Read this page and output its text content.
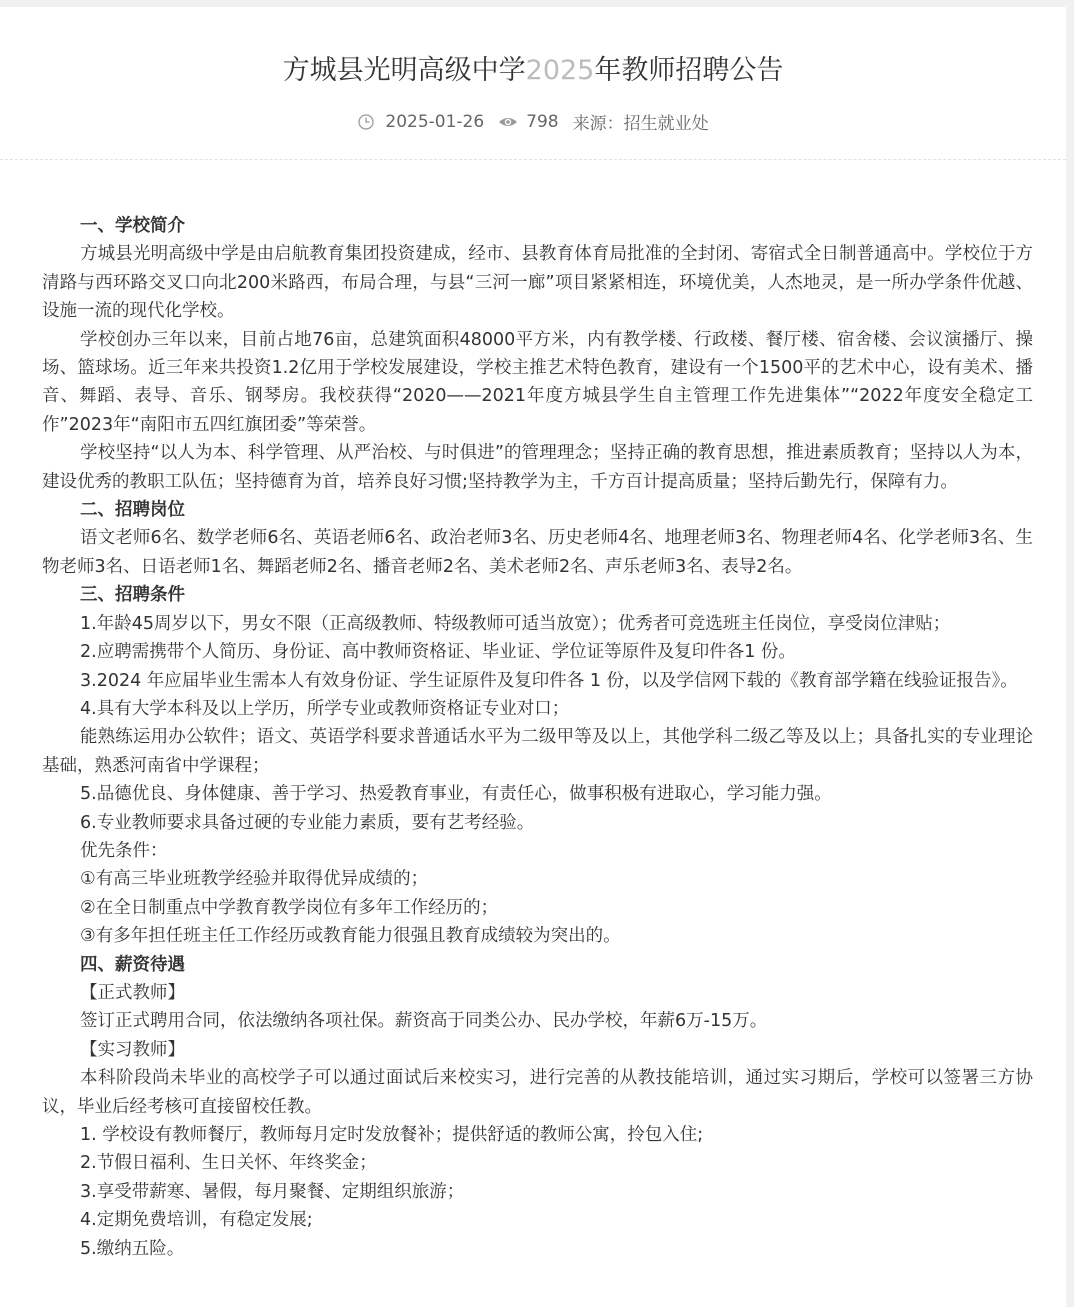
方城县光明高级中学2025年教师招聘公告
2025-01-26 798 来源：招生就业处

一、学校简介

方城县光明高级中学是由启航教育集团投资建成，经市、县教育体育局批准的全封闭、寄宿式全日制普通高中。学校位于方清路与西环路交叉口向北200米路西，布局合理，与县“三河一廊”项目紧紧相连，环境优美，人杰地灵，是一所办学条件优越、设施一流的现代化学校。

学校创办三年以来，目前占地76亩，总建筑面积48000平方米，内有教学楼、行政楼、餐厅楼、宿舍楼、会议演播厅、操场、篮球场。近三年来共投资1.2亿用于学校发展建设，学校主推艺术特色教育，建设有一个1500平的艺术中心，设有美术、播音、舞蹈、表导、音乐、钢琴房。我校获得“2020——2021年度方城县学生自主管理工作先进集体”“2022年度安全稳定工作”2023年“南阳市五四红旗团委”等荣誉。

学校坚持“以人为本、科学管理、从严治校、与时俱进”的管理理念；坚持正确的教育思想，推进素质教育；坚持以人为本，建设优秀的教职工队伍；坚持德育为首，培养良好习惯;坚持教学为主，千方百计提高质量；坚持后勤先行，保障有力。

二、招聘岗位

语文老师6名、数学老师6名、英语老师6名、政治老师3名、历史老师4名、地理老师3名、物理老师4名、化学老师3名、生物老师3名、日语老师1名、舞蹈老师2名、播音老师2名、美术老师2名、声乐老师3名、表导2名。

三、招聘条件

1.年龄45周岁以下，男女不限（正高级教师、特级教师可适当放宽）；优秀者可竞选班主任岗位，享受岗位津贴；

2.应聘需携带个人简历、身份证、高中教师资格证、毕业证、学位证等原件及复印件各1 份。

3.2024 年应届毕业生需本人有效身份证、学生证原件及复印件各 1 份，以及学信网下载的《教育部学籍在线验证报告》。

4.具有大学本科及以上学历，所学专业或教师资格证专业对口；

能熟练运用办公软件；语文、英语学科要求普通话水平为二级甲等及以上，其他学科二级乙等及以上；具备扎实的专业理论基础，熟悉河南省中学课程；

5.品德优良、身体健康、善于学习、热爱教育事业，有责任心，做事积极有进取心，学习能力强。

6.专业教师要求具备过硬的专业能力素质，要有艺考经验。

优先条件：

①有高三毕业班教学经验并取得优异成绩的；

②在全日制重点中学教育教学岗位有多年工作经历的；

③有多年担任班主任工作经历或教育能力很强且教育成绩较为突出的。

四、薪资待遇

【正式教师】

签订正式聘用合同，依法缴纳各项社保。薪资高于同类公办、民办学校，年薪6万-15万。

【实习教师】

本科阶段尚未毕业的高校学子可以通过面试后来校实习，进行完善的从教技能培训，通过实习期后，学校可以签署三方协议，毕业后经考核可直接留校任教。

1. 学校设有教师餐厅，教师每月定时发放餐补；提供舒适的教师公寓，拎包入住;

2.节假日福利、生日关怀、年终奖金；

3.享受带薪寒、暑假，每月聚餐、定期组织旅游；

4.定期免费培训，有稳定发展;

5.缴纳五险。
